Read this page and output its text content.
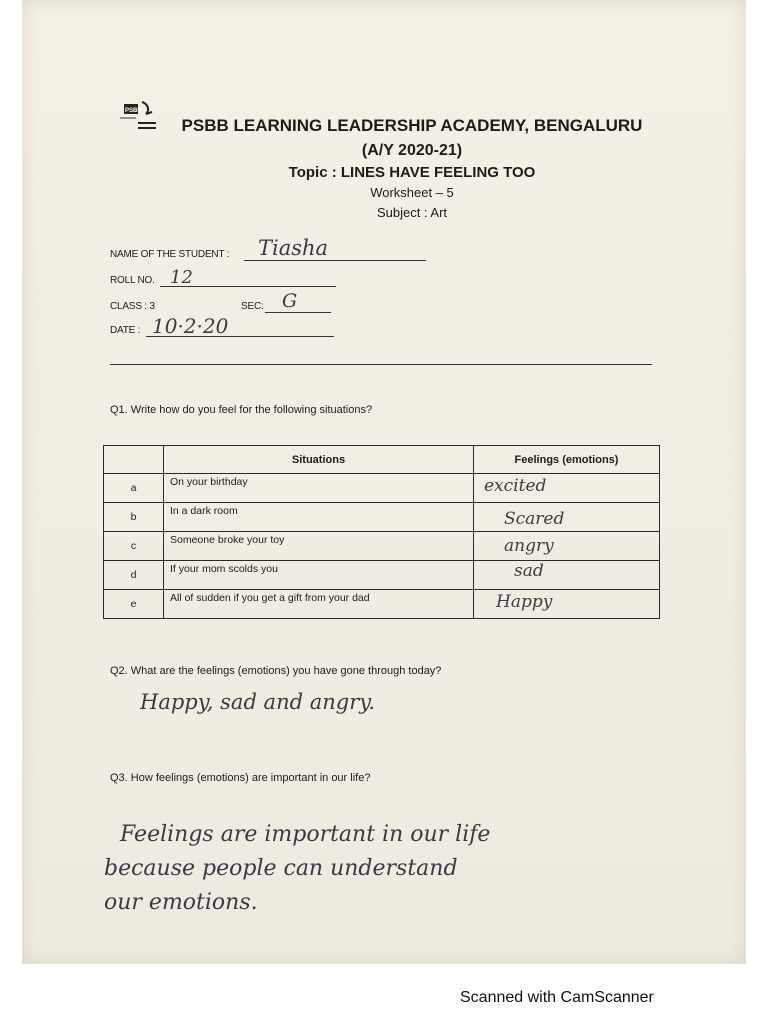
PSBB
PSBB LEARNING LEADERSHIP ACADEMY, BENGALURU
(A/Y 2020-21)
Topic : LINES HAVE FEELING TOO
Worksheet – 5
Subject : Art
NAME OF THE STUDENT : Tiasha
ROLL NO. 12
CLASS : 3	SEC: G
DATE : 10·2·20
Q1. Write how do you feel for the following situations?
	Situations	Feelings (emotions)
a	On your birthday	excited

b	In a dark room	Scared

c	Someone broke your toy	angry

d	If your mom scolds you	sad

e	All of sudden if you get a gift from your dad	Happy
Q2. What are the feelings (emotions) you have gone through today?
Happy, sad and angry.
Q3. How feelings (emotions) are important in our life?
Feelings are important in our life
because people can understand
our emotions.
Scanned with CamScanner
